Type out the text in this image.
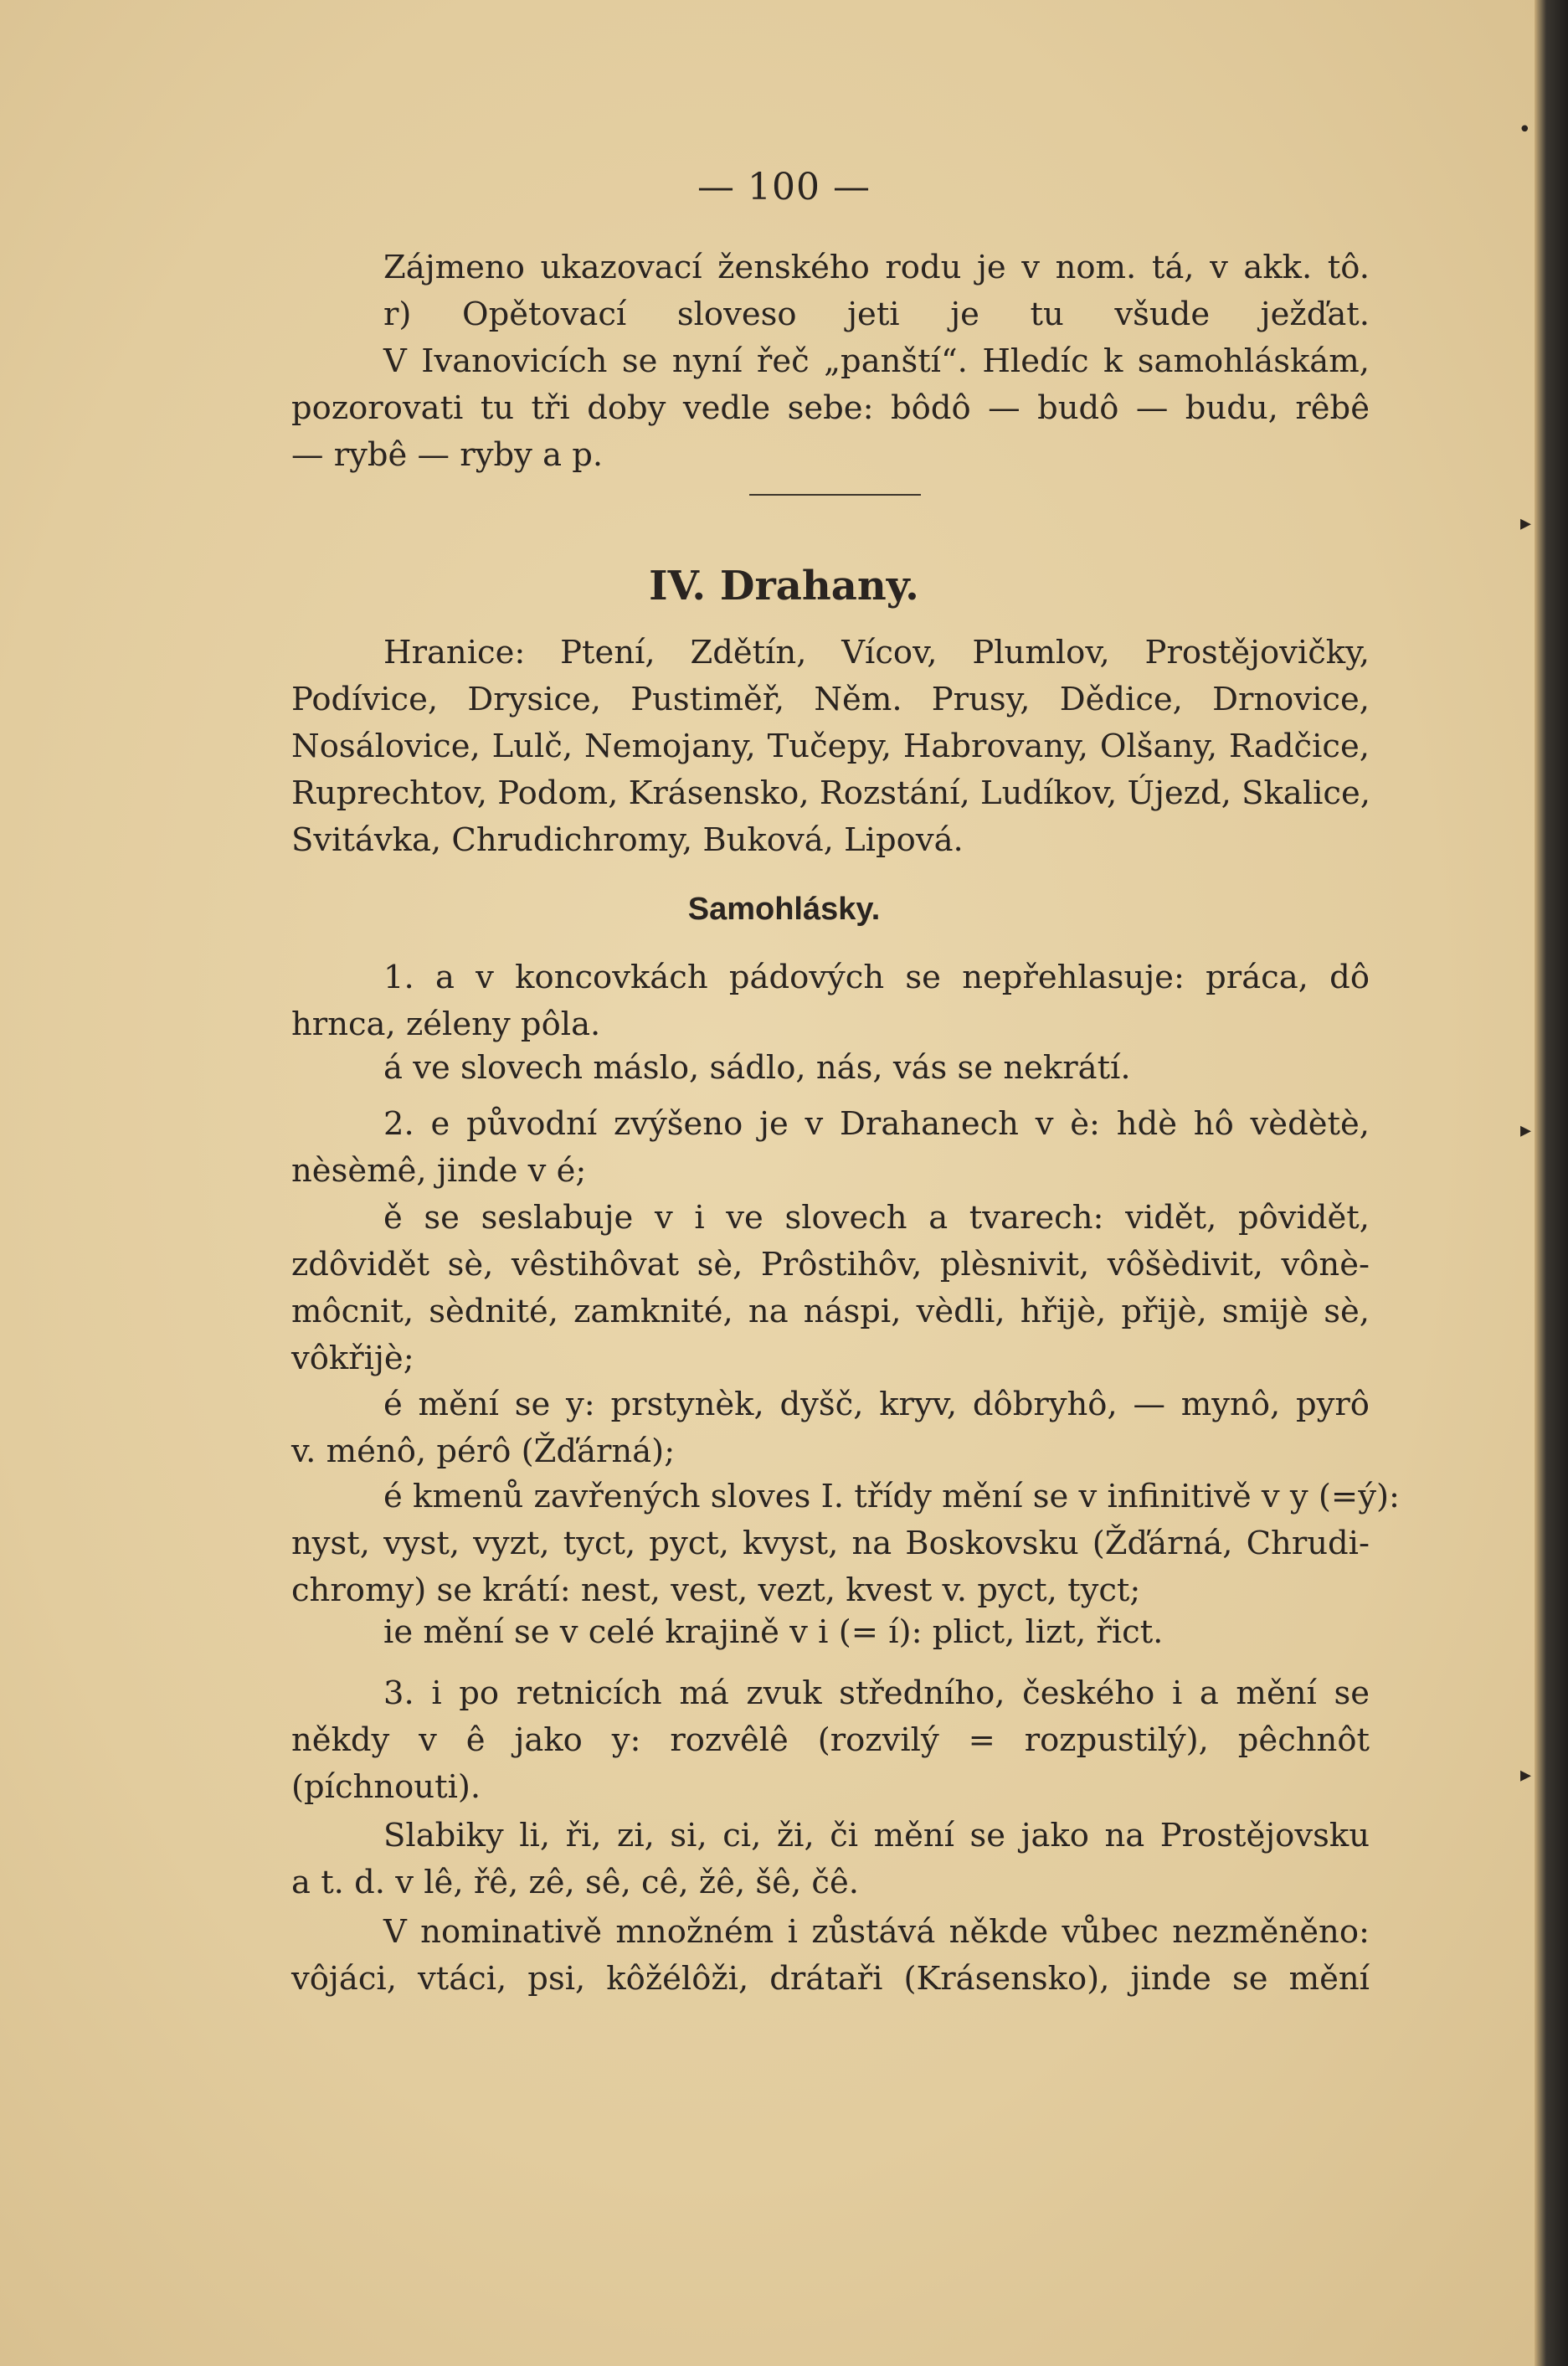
•
▸
▸
▸
— 100 —
Zájmeno ukazovací ženského rodu je v nom. tá, v akk. tô.
r) Opětovací sloveso jeti je tu všude ježďat.
V Ivanovicích se nyní řeč „panští“. Hledíc k samohláskám,
pozorovati tu tři doby vedle sebe: bôdô — budô — budu, rêbê
— rybê — ryby a p.
IV. Drahany.
Hranice: Ptení, Zdětín, Vícov, Plumlov, Prostějovičky,
Podívice, Drysice, Pustiměř, Něm. Prusy, Dědice, Drnovice,
Nosálovice, Lulč, Nemojany, Tučepy, Habrovany, Olšany, Radčice,
Ruprechtov, Podom, Krásensko, Rozstání, Ludíkov, Újezd, Skalice,
Svitávka, Chrudichromy, Buková, Lipová.
Samohlásky.
1. a v koncovkách pádových se nepřehlasuje: práca, dô
hrnca, zéleny pôla.
á ve slovech máslo, sádlo, nás, vás se nekrátí.
2. e původní zvýšeno je v Drahanech v è: hdè hô vèdètè,
nèsèmê, jinde v é;
ě se seslabuje v i ve slovech a tvarech: vidět, pôvidět,
zdôvidět sè, vêstihôvat sè, Prôstihôv, plèsnivit, vôšèdivit, vônè-
môcnit, sèdnité, zamknité, na náspi, vèdli, hřijè, přijè, smijè sè,
vôkřijè;
é mění se y: prstynèk, dyšč, kryv, dôbryhô, — mynô, pyrô
v. ménô, pérô (Žďárná);
é kmenů zavřených sloves I. třídy mění se v infinitivě v y (=ý):
nyst, vyst, vyzt, tyct, pyct, kvyst, na Boskovsku (Žďárná, Chrudi-
chromy) se krátí: nest, vest, vezt, kvest v. pyct, tyct;
ie mění se v celé krajině v i (= í): plict, lizt, řict.
3. i po retnicích má zvuk středního, českého i a mění se
někdy v ê jako y: rozvêlê (rozvilý = rozpustilý), pêchnôt
(píchnouti).
Slabiky li, ři, zi, si, ci, ži, či mění se jako na Prostějovsku
a t. d. v lê, řê, zê, sê, cê, žê, šê, čê.
V nominativě množném i zůstává někde vůbec nezměněno:
vôjáci, vtáci, psi, kôžélôži, drátaři (Krásensko), jinde se mění
